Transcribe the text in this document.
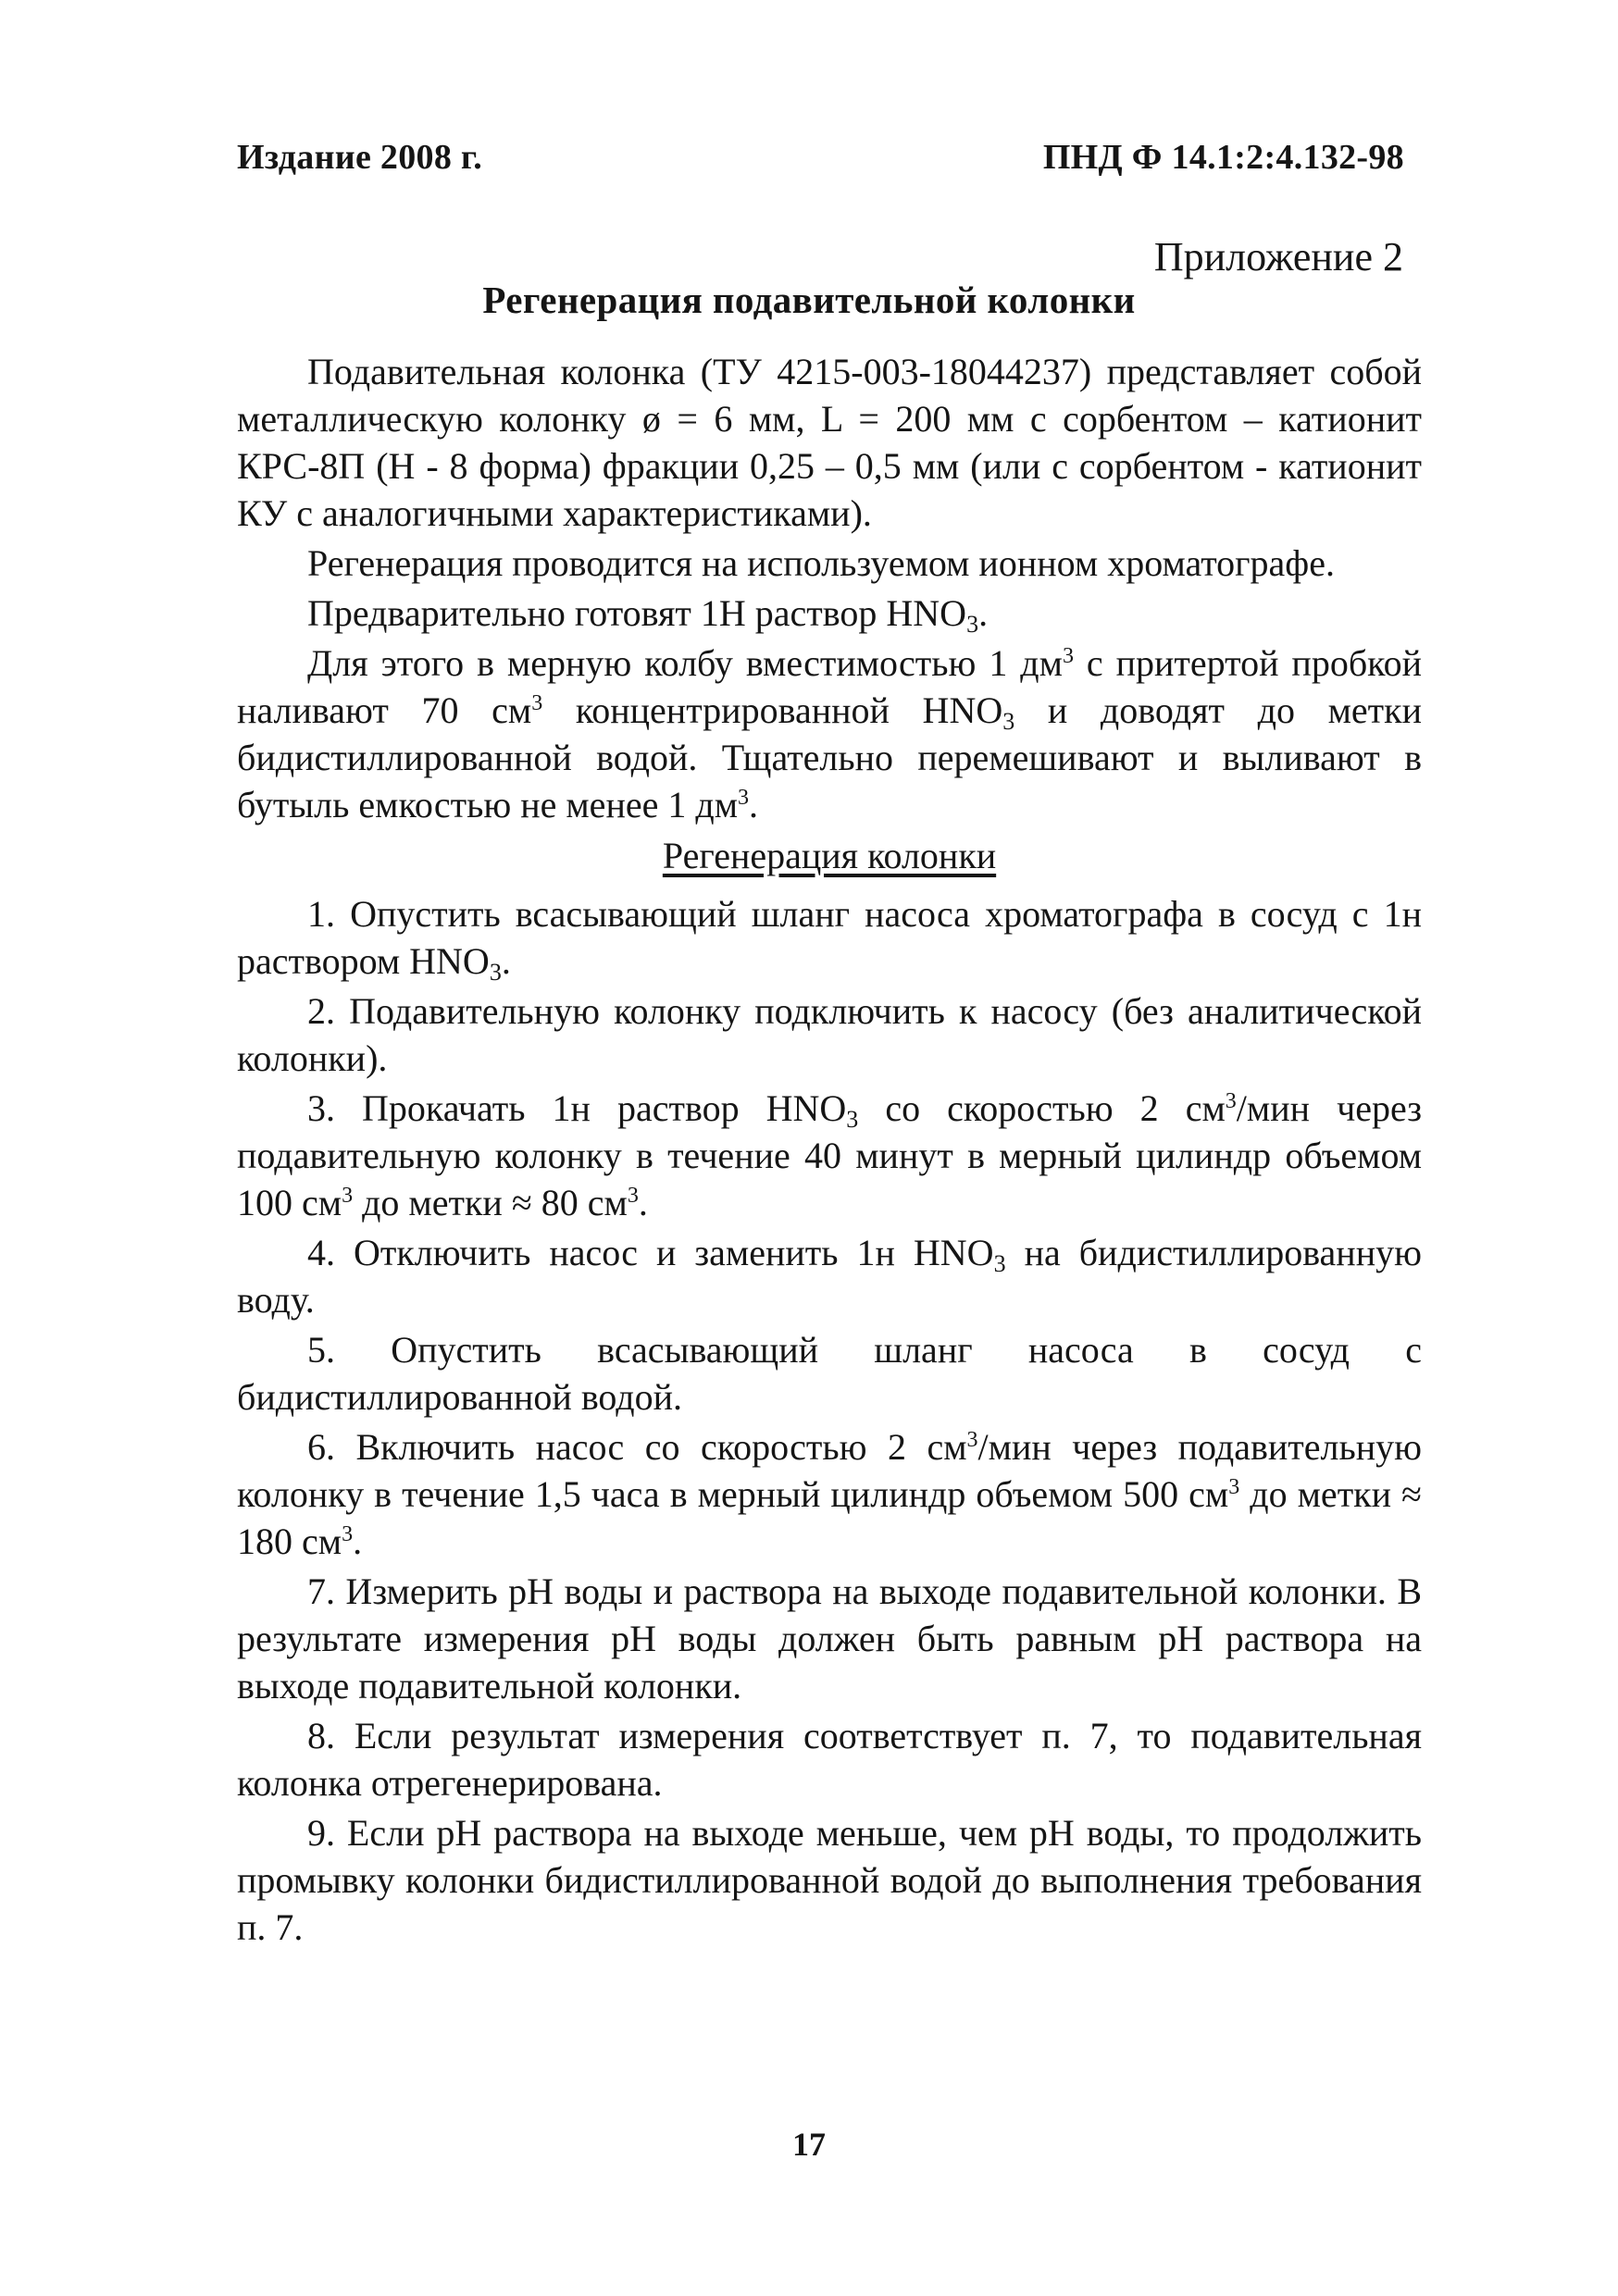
Издание 2008 г.	ПНД Ф 14.1:2:4.132-98
Приложение 2
Регенерация подавительной колонки

Подавительная колонка (ТУ 4215-003-18044237) представляет собой металлическую колонку ø = 6 мм, L = 200 мм с сорбентом – катионит КРС-8П (Н - 8 форма) фракции 0,25 – 0,5 мм (или с сорбентом - катионит КУ с аналогичными характеристиками).

Регенерация проводится на используемом ионном хроматографе.

Предварительно готовят 1Н раствор $HNO_3$.

Для этого в мерную колбу вместимостью 1 $дм^3$ с притертой пробкой наливают 70 $см^3$ концентрированной $HNO_3$ и доводят до метки бидистиллированной водой. Тщательно перемешивают и выливают в бутыль емкостью не менее 1 $дм^3$.

Регенерация колонки

1. Опустить всасывающий шланг насоса хроматографа в сосуд с 1н раствором $HNO_3$.

2. Подавительную колонку подключить к насосу (без аналитической колонки).

3. Прокачать 1н раствор $HNO_3$ со скоростью 2 $см^3$/мин через подавительную колонку в течение 40 минут в мерный цилиндр объемом 100 $см^3$ до метки ≈ 80 $см^3$.

4. Отключить насос и заменить 1н $HNO_3$ на бидистиллированную воду.

5. Опустить всасывающий шланг насоса в сосуд с бидистиллированной водой.

6. Включить насос со скоростью 2 $см^3$/мин через подавительную колонку в течение 1,5 часа в мерный цилиндр объемом 500 $см^3$ до метки ≈ 180 $см^3$.

7. Измерить pH воды и раствора на выходе подавительной колонки. В результате измерения pH воды должен быть равным pH раствора на выходе подавительной колонки.

8. Если результат измерения соответствует п. 7, то подавительная колонка отрегенерирована.

9. Если pH раствора на выходе меньше, чем pH воды, то продолжить промывку колонки бидистиллированной водой до выполнения требования п. 7.

17
